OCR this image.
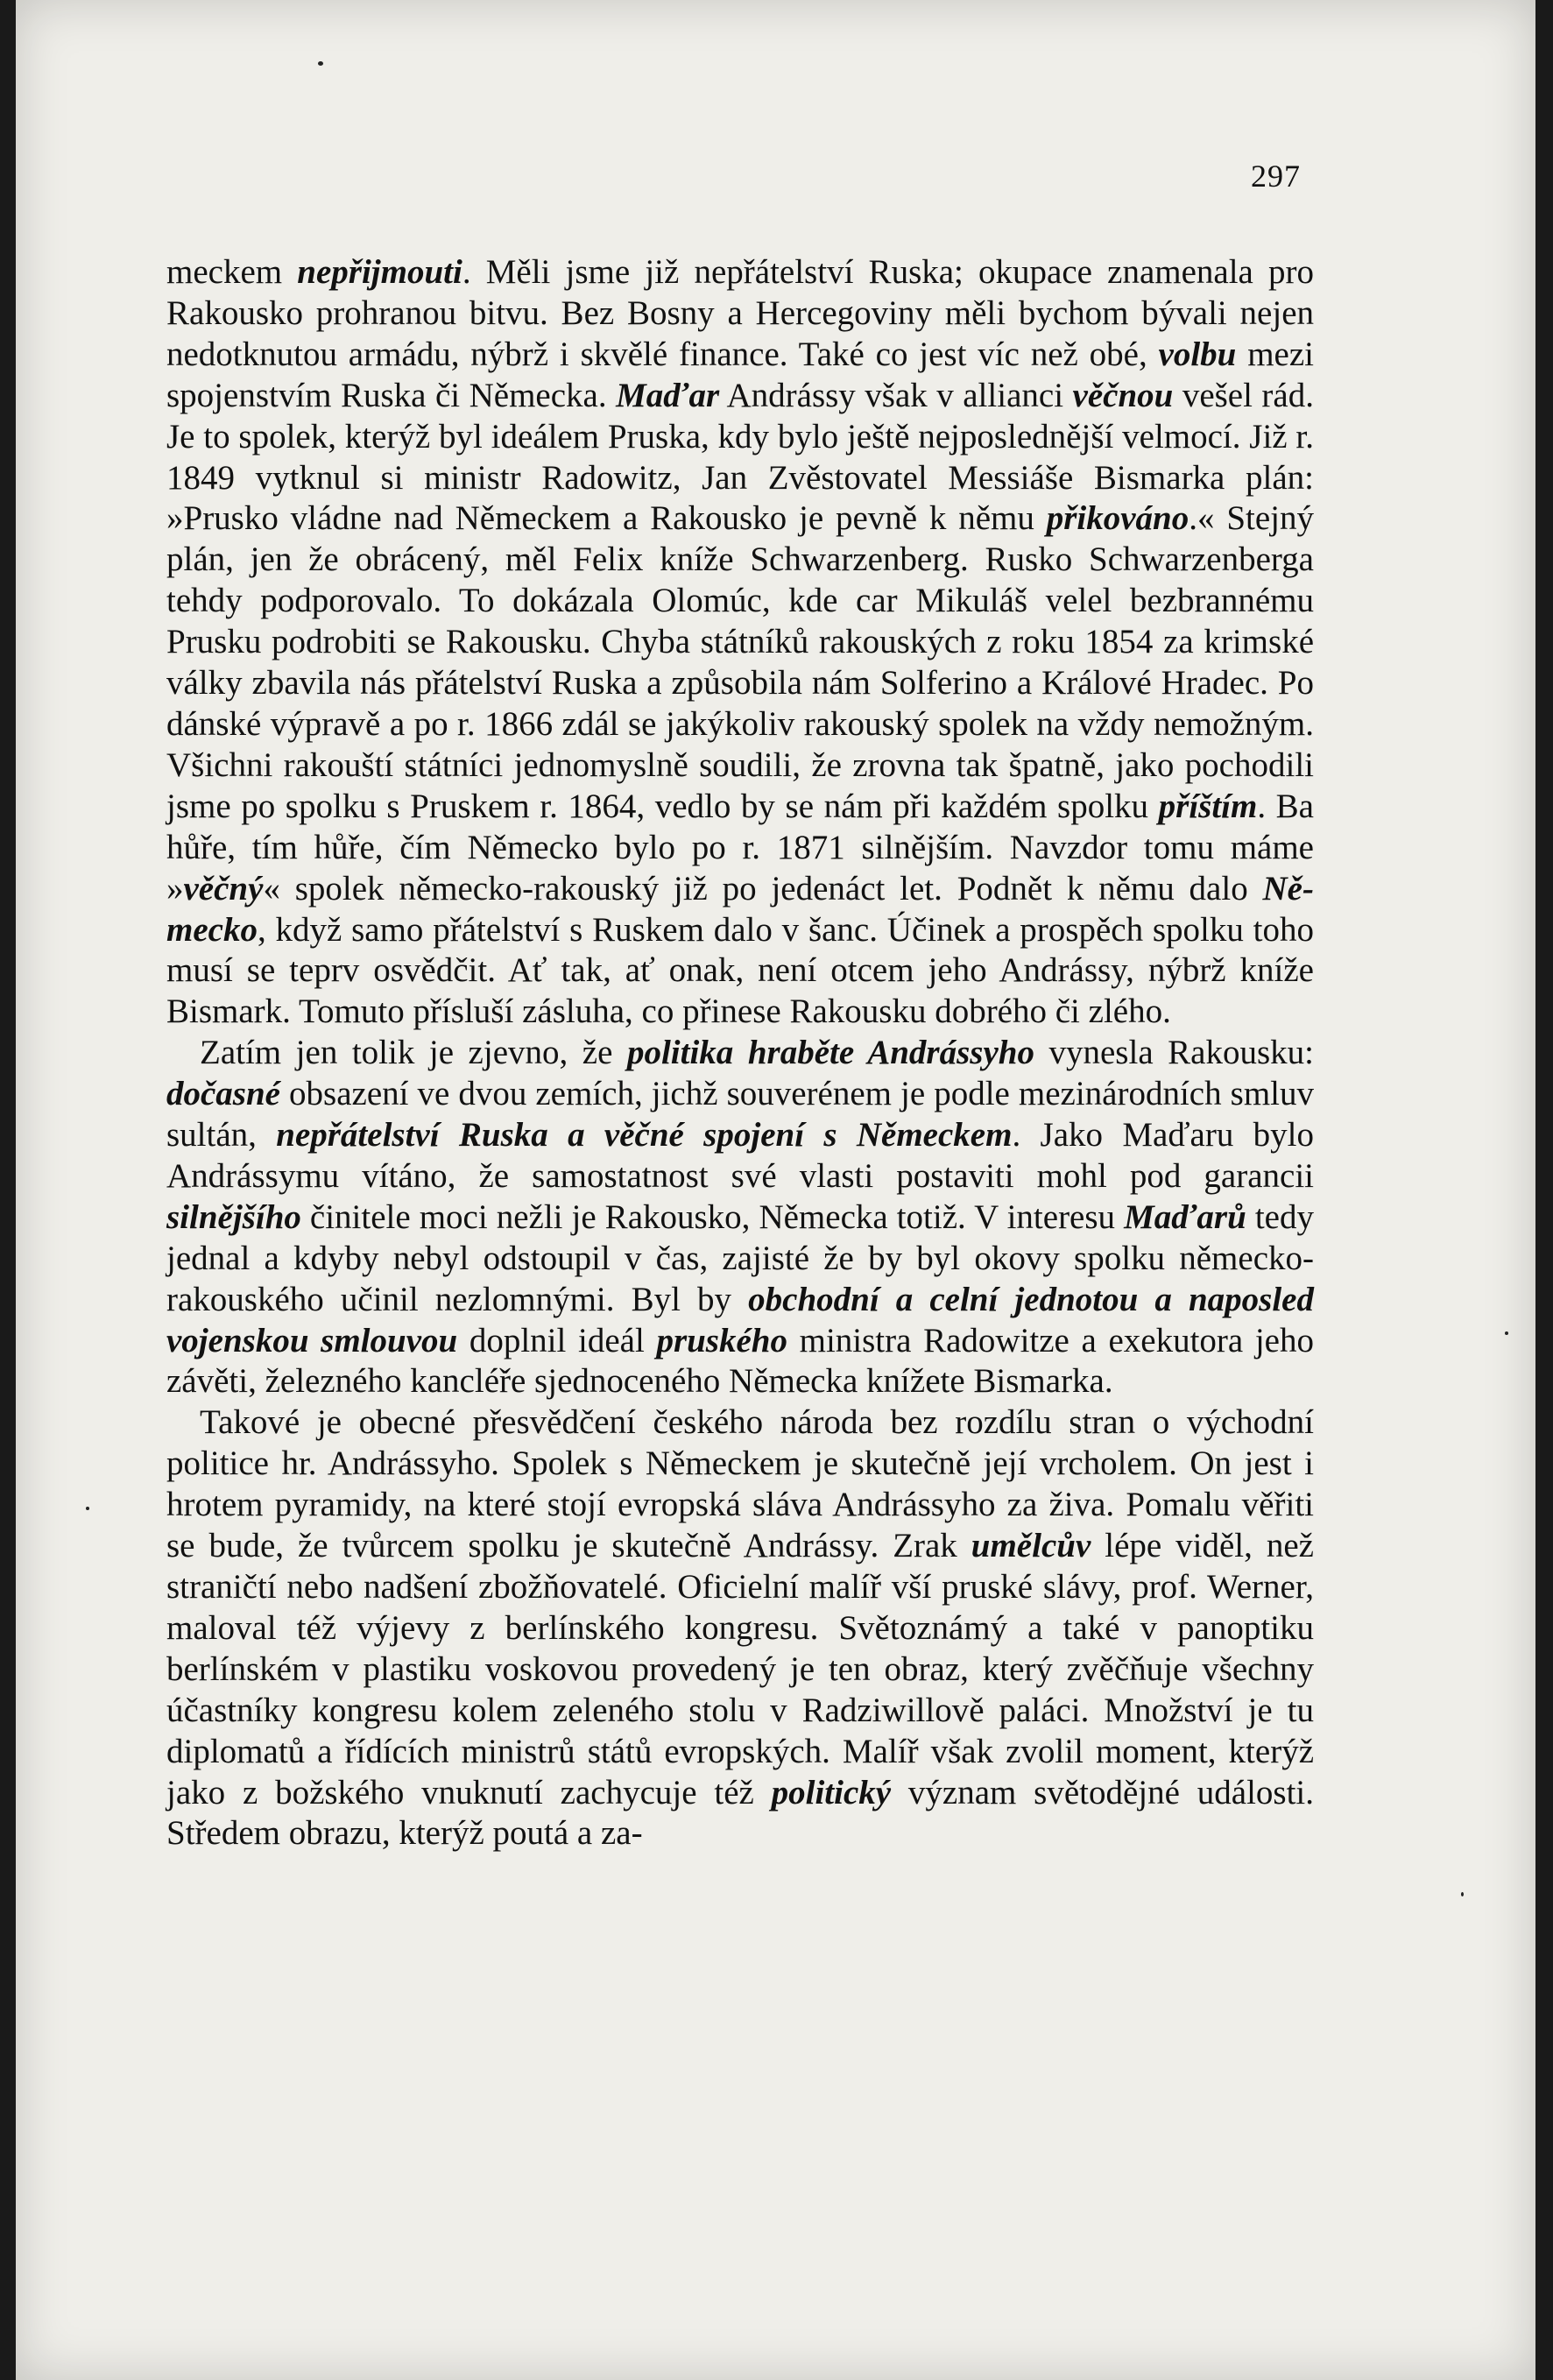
297

meckem nepřijmouti. Měli jsme již nepřátelství Ruska; okupace znamenala pro Rakousko prohranou bitvu. Bez Bosny a Hercegoviny měli bychom bývali nejen nedotknutou armádu, nýbrž i skvělé finance. Také co jest víc než obé, volbu mezi spojenstvím Ruska či Německa. Maďar Andrássy však v allianci věčnou vešel rád. Je to spolek, kterýž byl ideálem Pruska, kdy bylo ještě nejposlednější velmocí. Již r. 1849 vytknul si ministr Radowitz, Jan Zvěstovatel Messiáše Bismarka plán: »Prusko vládne nad Německem a Rakousko je pevně k němu přikováno.« Stejný plán, jen že obrácený, měl Felix kníže Schwarzenberg. Rusko Schwarzenberga tehdy podporovalo. To dokázala Olomúc, kde car Mikuláš velel bezbrannému Prusku podrobiti se Rakousku. Chyba státníků rakouských z roku 1854 za krimské války zbavila nás přátelství Ruska a způsobila nám Solferino a Králové Hradec. Po dánské výpravě a po r. 1866 zdál se jakýkoliv rakouský spolek na vždy nemožným. Všichni rakouští státníci jednomyslně soudili, že zrovna tak špatně, jako pochodili jsme po spolku s Pruskem r. 1864, vedlo by se nám při každém spolku příštím. Ba hůře, tím hůře, čím Německo bylo po r. 1871 silnějším. Navzdor tomu máme »věčný« spolek německo-rakouský již po jedenáct let. Podnět k němu dalo Německo, když samo přátelství s Ruskem dalo v šanc. Účinek a prospěch spolku toho musí se teprv osvědčit. Ať tak, ať onak, není otcem jeho Andrássy, nýbrž kníže Bismark. Tomuto přísluší zásluha, co přinese Rakousku dobrého či zlého.

Zatím jen tolik je zjevno, že politika hraběte Andrássyho vynesla Rakousku: dočasné obsazení ve dvou zemích, jichž souverénem je podle mezinárodních smluv sultán, nepřátelství Ruska a věčné spojení s Německem. Jako Maďaru bylo Andrássymu vítáno, že samostatnost své vlasti postaviti mohl pod garancii silnějšího činitele moci nežli je Rakousko, Německa totiž. V interesu Maďarů tedy jednal a kdyby nebyl odstoupil v čas, zajisté že by byl okovy spolku německo-rakouského učinil nezlomnými. Byl by obchodní a celní jednotou a naposled vojenskou smlouvou doplnil ideál pruského ministra Radowitze a exekutora jeho závěti, železného kancléře sjednoceného Německa knížete Bismarka.

Takové je obecné přesvědčení českého národa bez rozdílu stran o východní politice hr. Andrássyho. Spolek s Německem je skutečně její vrcholem. On jest i hrotem pyramidy, na které stojí evropská sláva Andrássyho za živa. Pomalu věřiti se bude, že tvůrcem spolku je skutečně Andrássy. Zrak umělcův lépe viděl, než straničtí nebo nadšení zbožňovatelé. Oficielní malíř vší pruské slávy, prof. Werner, maloval též výjevy z berlínského kongresu. Světoznámý a také v panoptiku berlínském v plastiku voskovou provedený je ten obraz, který zvěčňuje všechny účastníky kongresu kolem zeleného stolu v Radziwillově paláci. Množství je tu diplomatů a řídících ministrů států evropských. Malíř však zvolil moment, kterýž jako z božského vnuknutí zachycuje též politický význam světodějné události. Středem obrazu, kterýž poutá a za-
